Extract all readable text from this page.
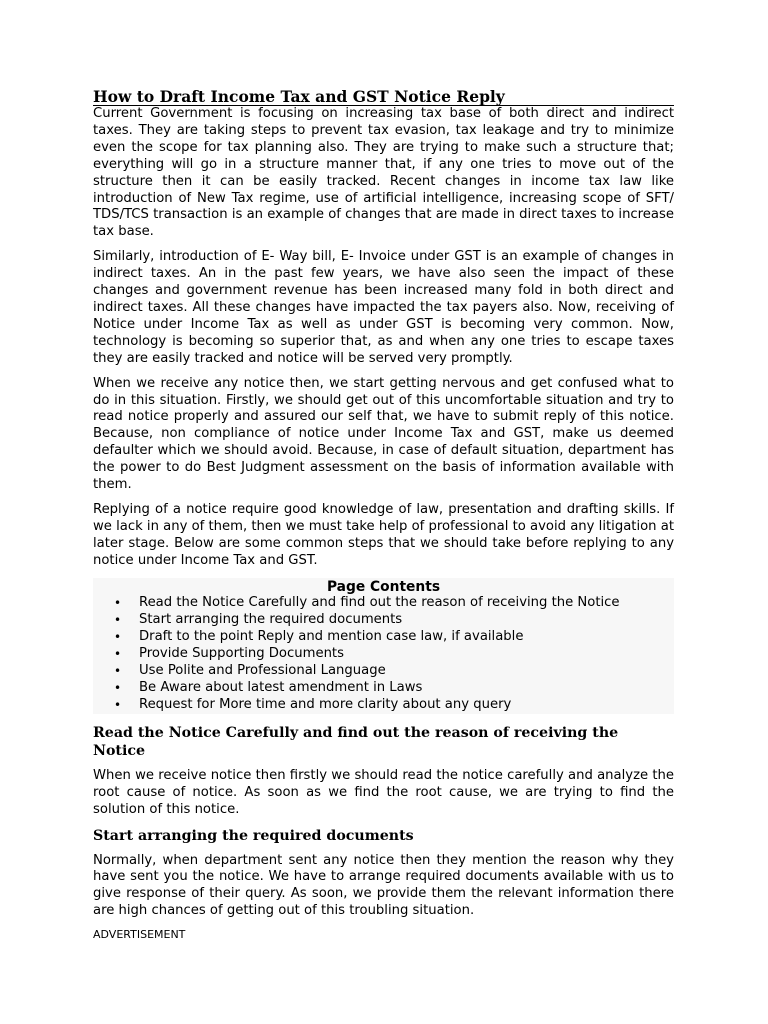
How to Draft Income Tax and GST Notice Reply

Current Government is focusing on increasing tax base of both direct and indirect taxes. They are taking steps to prevent tax evasion, tax leakage and try to minimize even the scope for tax planning also. They are trying to make such a structure that; everything will go in a structure manner that, if any one tries to move out of the structure then it can be easily tracked. Recent changes in income tax law like introduction of New Tax regime, use of artificial intelligence, increasing scope of SFT/ TDS/TCS transaction is an example of changes that are made in direct taxes to increase tax base.

Similarly, introduction of E- Way bill, E- Invoice under GST is an example of changes in indirect taxes. An in the past few years, we have also seen the impact of these changes and government revenue has been increased many fold in both direct and indirect taxes. All these changes have impacted the tax payers also. Now, receiving of Notice under Income Tax as well as under GST is becoming very common. Now, technology is becoming so superior that, as and when any one tries to escape taxes they are easily tracked and notice will be served very promptly.

When we receive any notice then, we start getting nervous and get confused what to do in this situation. Firstly, we should get out of this uncomfortable situation and try to read notice properly and assured our self that, we have to submit reply of this notice. Because, non compliance of notice under Income Tax and GST, make us deemed defaulter which we should avoid. Because, in case of default situation, department has the power to do Best Judgment assessment on the basis of information available with them.

Replying of a notice require good knowledge of law, presentation and drafting skills. If we lack in any of them, then we must take help of professional to avoid any litigation at later stage. Below are some common steps that we should take before replying to any notice under Income Tax and GST.

Page Contents
• Read the Notice Carefully and find out the reason of receiving the Notice
• Start arranging the required documents
• Draft to the point Reply and mention case law, if available
• Provide Supporting Documents
• Use Polite and Professional Language
• Be Aware about latest amendment in Laws
• Request for More time and more clarity about any query
Read the Notice Carefully and find out the reason of receiving the Notice

When we receive notice then firstly we should read the notice carefully and analyze the root cause of notice. As soon as we find the root cause, we are trying to find the solution of this notice.

Start arranging the required documents

Normally, when department sent any notice then they mention the reason why they have sent you the notice. We have to arrange required documents available with us to give response of their query. As soon, we provide them the relevant information there are high chances of getting out of this troubling situation.

ADVERTISEMENT
